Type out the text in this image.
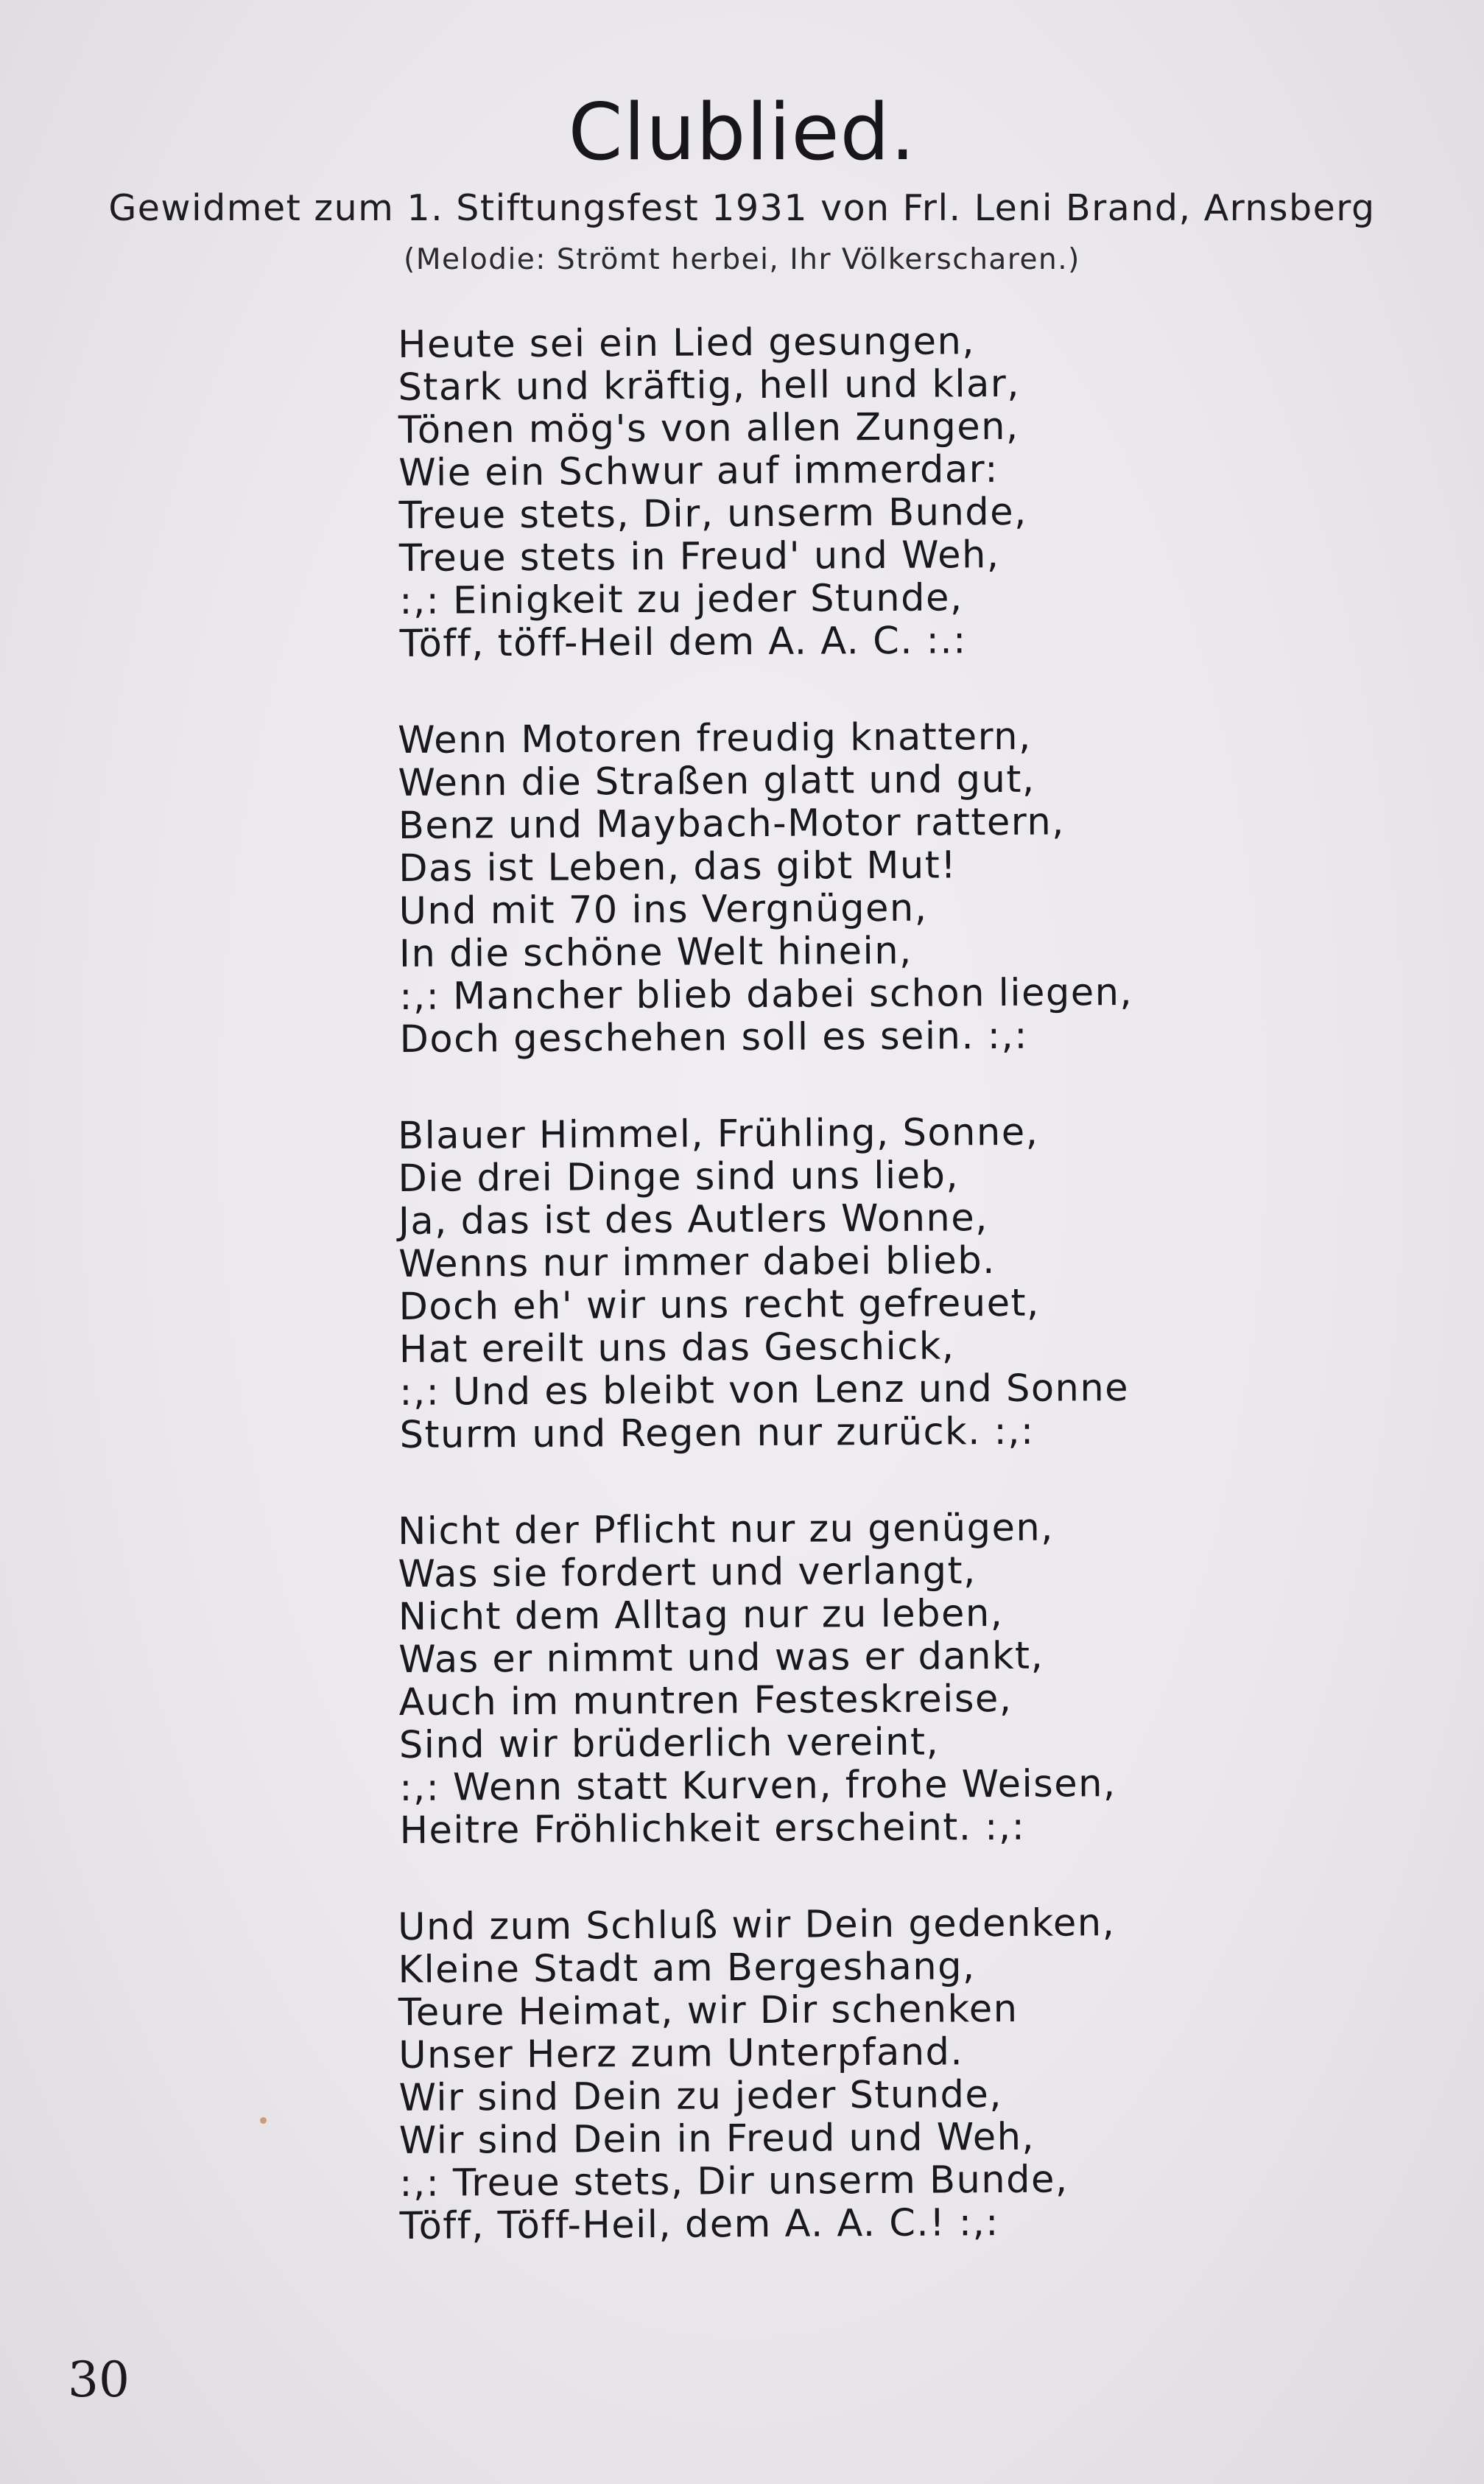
Clublied.
Gewidmet zum 1. Stiftungsfest 1931 von Frl. Leni Brand, Arnsberg
(Melodie: Strömt herbei, Ihr Völkerscharen.)
Heute sei ein Lied gesungen,
Stark und kräftig, hell und klar,
Tönen mög's von allen Zungen,
Wie ein Schwur auf immerdar:
Treue stets, Dir, unserm Bunde,
Treue stets in Freud' und Weh,
:,: Einigkeit zu jeder Stunde,
Töff, töff-Heil dem A. A. C. :.:
Wenn Motoren freudig knattern,
Wenn die Straßen glatt und gut,
Benz und Maybach-Motor rattern,
Das ist Leben, das gibt Mut!
Und mit 70 ins Vergnügen,
In die schöne Welt hinein,
:,: Mancher blieb dabei schon liegen,
Doch geschehen soll es sein. :,:
Blauer Himmel, Frühling, Sonne,
Die drei Dinge sind uns lieb,
Ja, das ist des Autlers Wonne,
Wenns nur immer dabei blieb.
Doch eh' wir uns recht gefreuet,
Hat ereilt uns das Geschick,
:,: Und es bleibt von Lenz und Sonne
Sturm und Regen nur zurück. :,:
Nicht der Pflicht nur zu genügen,
Was sie fordert und verlangt,
Nicht dem Alltag nur zu leben,
Was er nimmt und was er dankt,
Auch im muntren Festeskreise,
Sind wir brüderlich vereint,
:,: Wenn statt Kurven, frohe Weisen,
Heitre Fröhlichkeit erscheint. :,:
Und zum Schluß wir Dein gedenken,
Kleine Stadt am Bergeshang,
Teure Heimat, wir Dir schenken
Unser Herz zum Unterpfand.
Wir sind Dein zu jeder Stunde,
Wir sind Dein in Freud und Weh,
:,: Treue stets, Dir unserm Bunde,
Töff, Töff-Heil, dem A. A. C.! :,:
30
